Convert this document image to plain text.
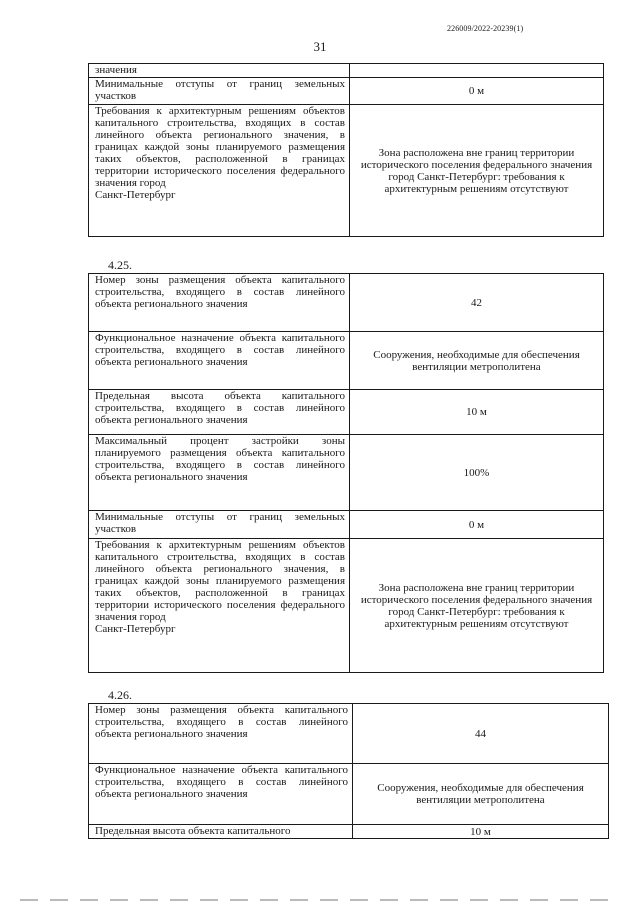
226009/2022-20239(1)
31
значения	
Минимальные отступы от границ земельных участков	0 м
Требования к архитектурным решениям объектов капитального строительства, входящих в состав линейного объекта регионального значения, в границах каждой зоны планируемого размещения таких объектов, расположенной в границах территории исторического поселения федерального значения город
Санкт-Петербург	Зона расположена вне границ территории исторического поселения федерального значения город Санкт-Петербург: требования к архитектурным решениям отсутствуют
4.25.
Номер зоны размещения объекта капитального строительства, входящего в состав линейного объекта регионального значения	42
Функциональное назначение объекта капитального строительства, входящего в состав линейного объекта регионального значения	Сооружения, необходимые для обеспечения вентиляции метрополитена
Предельная высота объекта капитального строительства, входящего в состав линейного объекта регионального значения	10 м
Максимальный процент застройки зоны планируемого размещения объекта капитального строительства, входящего в состав линейного объекта регионального значения	100%
Минимальные отступы от границ земельных участков	0 м
Требования к архитектурным решениям объектов капитального строительства, входящих в состав линейного объекта регионального значения, в границах каждой зоны планируемого размещения таких объектов, расположенной в границах территории исторического поселения федерального значения город
Санкт-Петербург	Зона расположена вне границ территории исторического поселения федерального значения город Санкт-Петербург: требования к архитектурным решениям отсутствуют
4.26.
Номер зоны размещения объекта капитального строительства, входящего в состав линейного объекта регионального значения	44
Функциональное назначение объекта капитального строительства, входящего в состав линейного объекта регионального значения	Сооружения, необходимые для обеспечения вентиляции метрополитена
Предельная высота объекта капитального	10 м
